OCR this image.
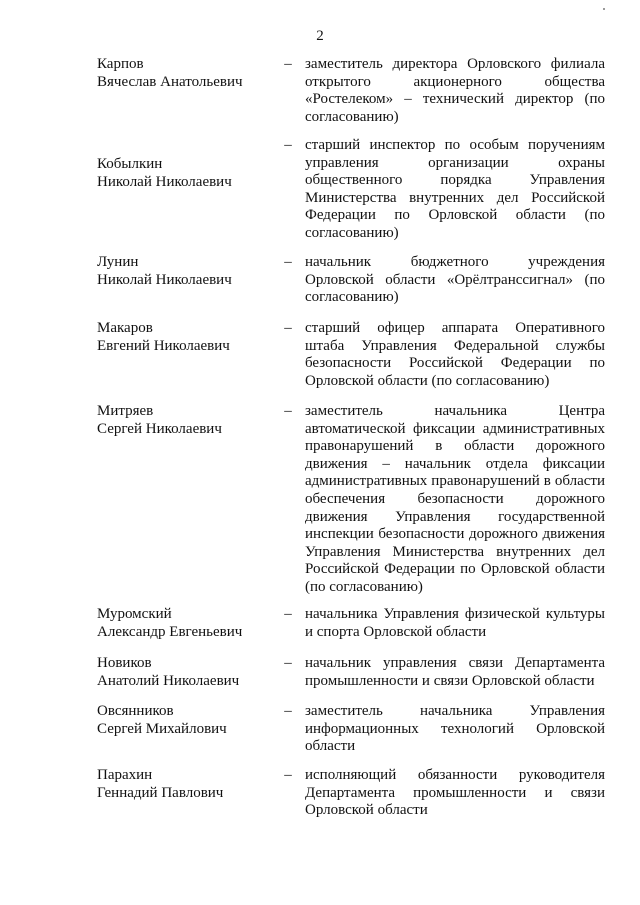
2
Карпов
Вячеслав Анатольевич
– заместитель директора Орловского филиала открытого акционерного общества «Ростелеком» – технический директор (по согласованию)
Кобылкин
Николай Николаевич
– старший инспектор по особым поручениям управления организации охраны общественного порядка Управления Министерства внутренних дел Российской Федерации по Орловской области (по согласованию)
Лунин
Николай Николаевич
– начальник бюджетного учреждения Орловской области «Орёлтранссигнал» (по согласованию)
Макаров
Евгений Николаевич
– старший офицер аппарата Оперативного штаба Управления Федеральной службы безопасности Российской Федерации по Орловской области (по согласованию)
Митряев
Сергей Николаевич
– заместитель начальника Центра автоматической фиксации административных правонарушений в области дорожного движения – начальник отдела фиксации административных правонарушений в области обеспечения безопасности дорожного движения Управления государственной инспекции безопасности дорожного движения Управления Министерства внутренних дел Российской Федерации по Орловской области (по согласованию)
Муромский
Александр Евгеньевич
– начальника Управления физической культуры и спорта Орловской области
Новиков
Анатолий Николаевич
– начальник управления связи Департамента промышленности и связи Орловской области
Овсянников
Сергей Михайлович
– заместитель начальника Управления информационных технологий Орловской области
Парахин
Геннадий Павлович
– исполняющий обязанности руководителя Департамента промышленности и связи Орловской области
